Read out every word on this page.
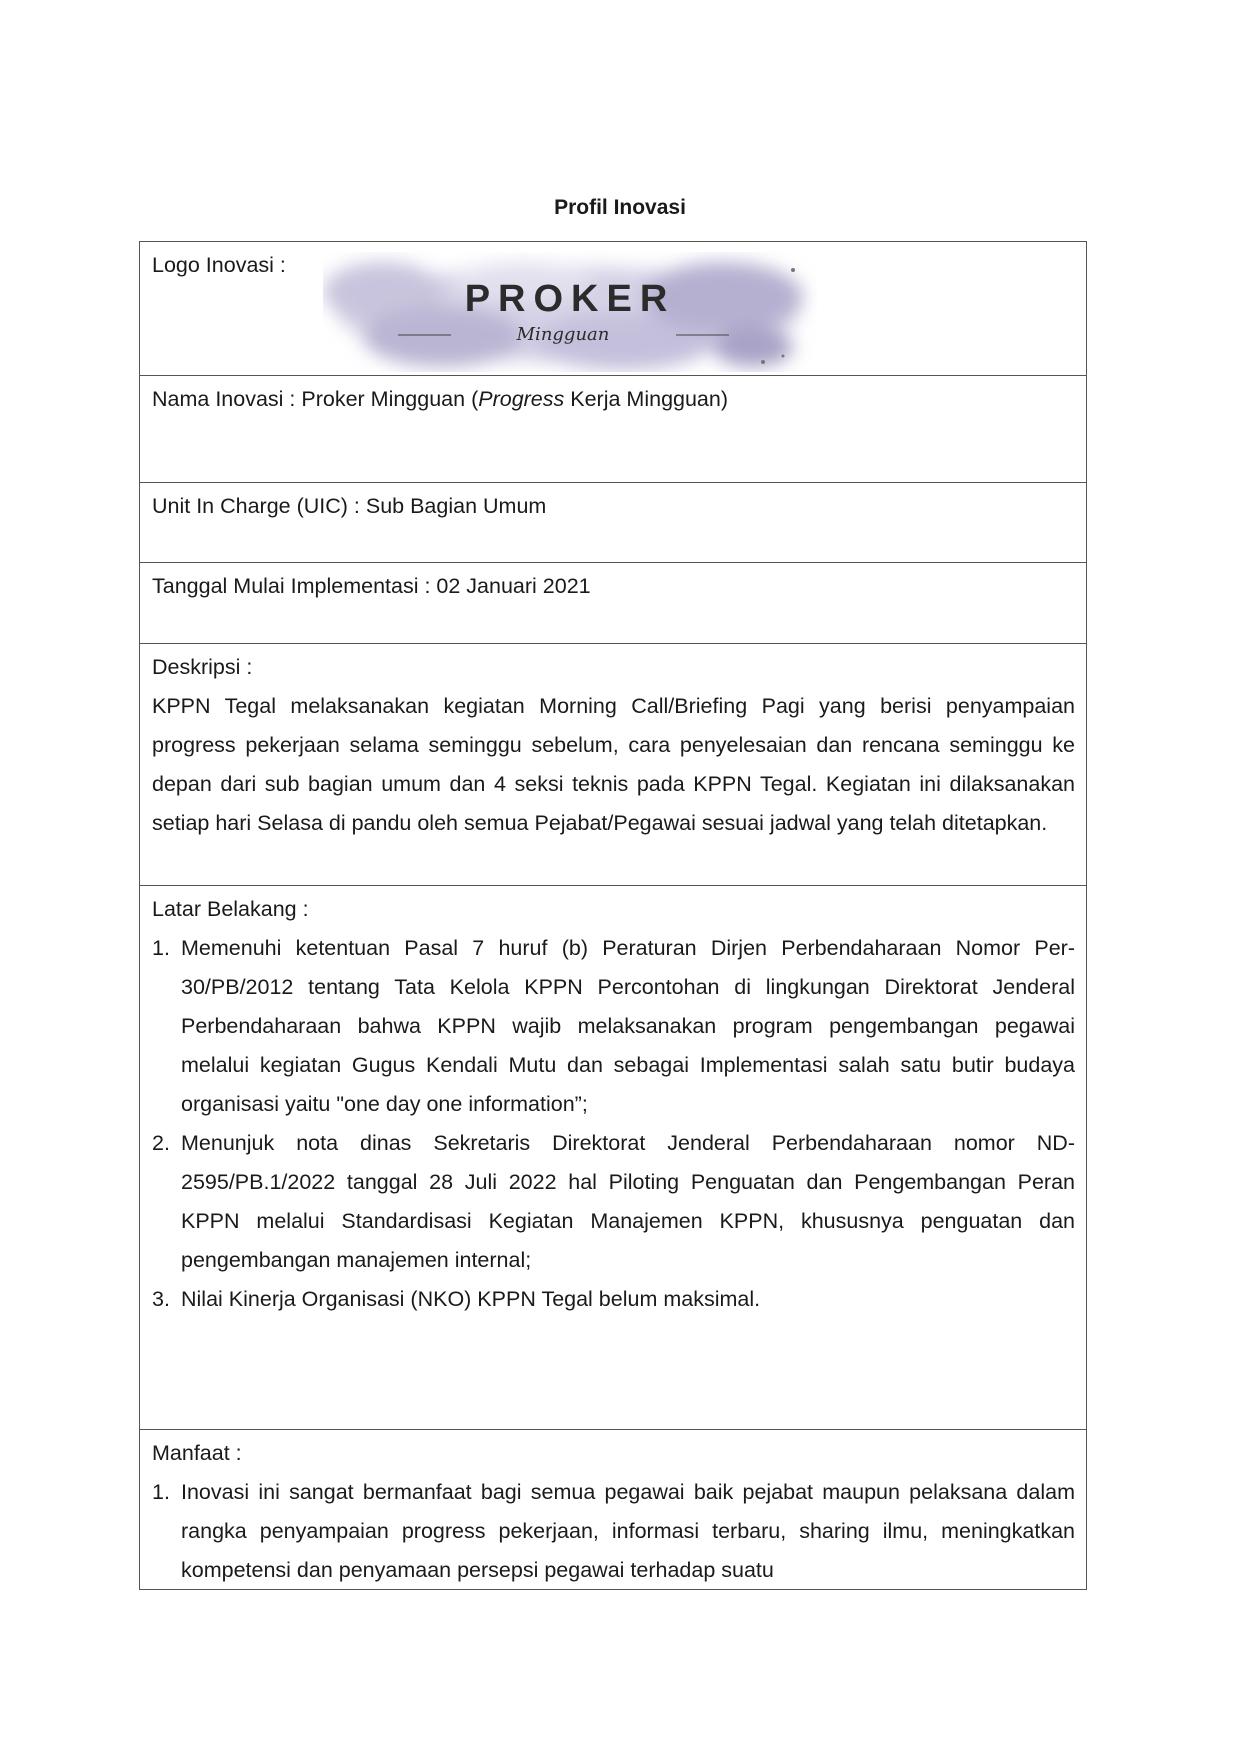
Profil Inovasi
Logo Inovasi :
PROKER
Mingguan
Nama Inovasi : Proker Mingguan (Progress Kerja Mingguan)
Unit In Charge (UIC) : Sub Bagian Umum
Tanggal Mulai Implementasi : 02 Januari 2021
Deskripsi :
KPPN Tegal melaksanakan kegiatan Morning Call/Briefing Pagi yang berisi penyampaian progress pekerjaan selama seminggu sebelum, cara penyelesaian dan rencana seminggu ke depan dari sub bagian umum dan 4 seksi teknis pada KPPN Tegal. Kegiatan ini dilaksanakan setiap hari Selasa di pandu oleh semua Pejabat/Pegawai sesuai jadwal yang telah ditetapkan.
Latar Belakang :
1. Memenuhi ketentuan Pasal 7 huruf (b) Peraturan Dirjen Perbendaharaan Nomor Per-30/PB/2012 tentang Tata Kelola KPPN Percontohan di lingkungan Direktorat Jenderal Perbendaharaan bahwa KPPN wajib melaksanakan program pengembangan pegawai melalui kegiatan Gugus Kendali Mutu dan sebagai Implementasi salah satu butir budaya organisasi yaitu "one day one information”;
2. Menunjuk nota dinas Sekretaris Direktorat Jenderal Perbendaharaan nomor ND-2595/PB.1/2022 tanggal 28 Juli 2022 hal Piloting Penguatan dan Pengembangan Peran KPPN melalui Standardisasi Kegiatan Manajemen KPPN, khususnya penguatan dan pengembangan manajemen internal;
3. Nilai Kinerja Organisasi (NKO) KPPN Tegal belum maksimal.
Manfaat :
1. Inovasi ini sangat bermanfaat bagi semua pegawai baik pejabat maupun pelaksana dalam rangka penyampaian progress pekerjaan, informasi terbaru, sharing ilmu, meningkatkan kompetensi dan penyamaan persepsi pegawai terhadap suatu
